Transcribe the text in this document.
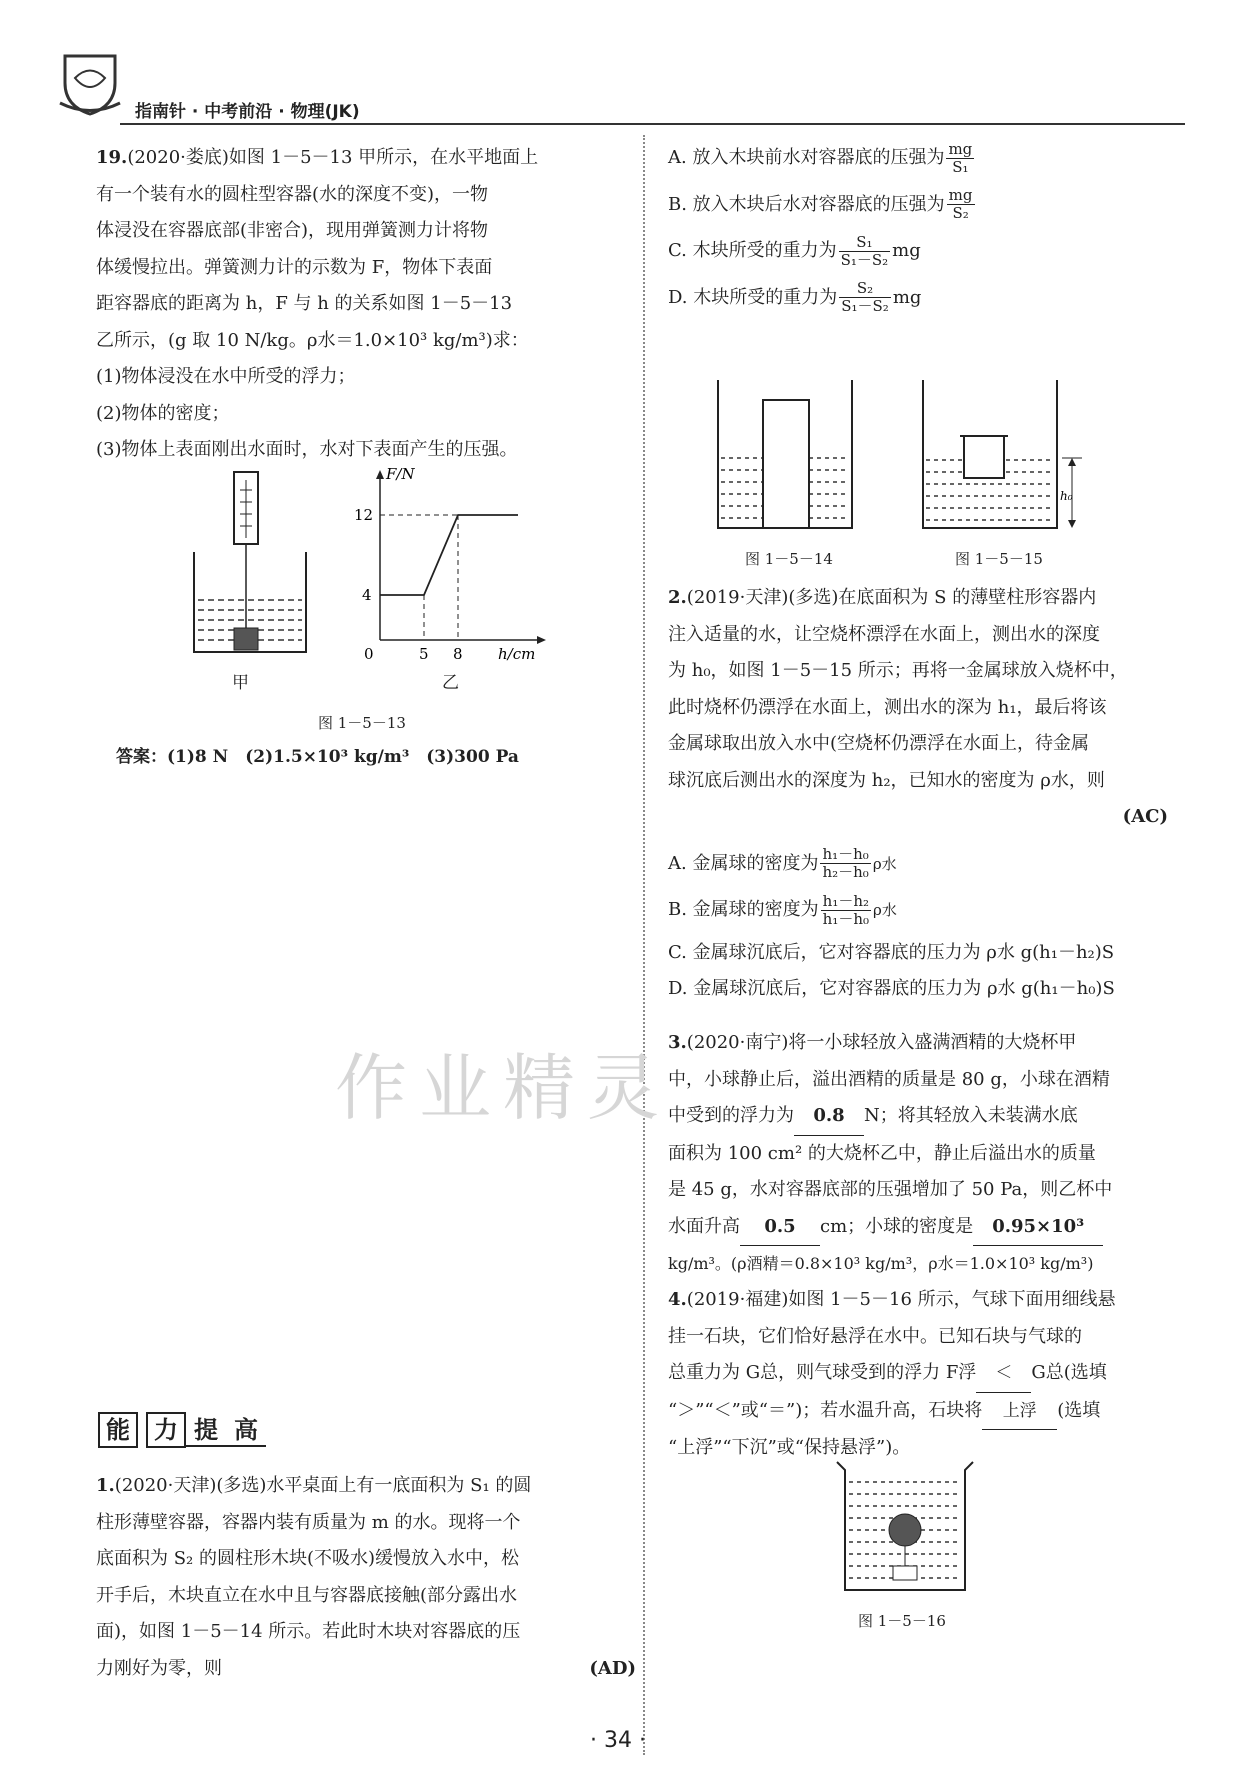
指南针 · 中考前沿 · 物理(JK)

19.(2020·娄底)如图 1－5－13 甲所示，在水平地面上

有一个装有水的圆柱型容器(水的深度不变)，一物

体浸没在容器底部(非密合)，现用弹簧测力计将物

体缓慢拉出。弹簧测力计的示数为 F，物体下表面

距容器底的距离为 h，F 与 h 的关系如图 1－5－13

乙所示，(g 取 10 N/kg。ρ水＝1.0×10³ kg/m³)求：

(1)物体浸没在水中所受的浮力；

(2)物体的密度；

(3)物体上表面刚出水面时，水对下表面产生的压强。

甲
F/N
12
4
0	5 8 h/cm
乙
图 1－5－13
答案：(1)8 N　(2)1.5×10³ kg/m³　(3)300 Pa
作业精灵
能 力 提 高

1.(2020·天津)(多选)水平桌面上有一底面积为 S₁ 的圆

柱形薄壁容器，容器内装有质量为 m 的水。现将一个

底面积为 S₂ 的圆柱形木块(不吸水)缓慢放入水中，松

开手后，木块直立在水中且与容器底接触(部分露出水

面)，如图 1－5－14 所示。若此时木块对容器底的压

力刚好为零，则	(AD)

A. 放入木块前水对容器底的压强为 $\frac{mg}{\text{S₁}}$

B. 放入木块后水对容器底的压强为 $\frac{mg}{\text{S₂}}$

C. 木块所受的重力为 $\frac{\text{S₁}}{\text{S₁－S₂}}$ mg

D. 木块所受的重力为 $\frac{\text{S₂}}{\text{S₁－S₂}}$ mg

图 1－5－14
h₀
图 1－5－15

2.(2019·天津)(多选)在底面积为 S 的薄壁柱形容器内

注入适量的水，让空烧杯漂浮在水面上，测出水的深度

为 h₀，如图 1－5－15 所示；再将一金属球放入烧杯中，

此时烧杯仍漂浮在水面上，测出水的深为 h₁，最后将该

金属球取出放入水中(空烧杯仍漂浮在水面上，待金属

球沉底后测出水的深度为 h₂，已知水的密度为 ρ水，则

(AC)

A. 金属球的密度为 $\frac{\text{h₁－h₀}}{\text{h₂－h₀}}$ ρ水

B. 金属球的密度为 $\frac{\text{h₁－h₂}}{\text{h₁－h₀}}$ ρ水

C. 金属球沉底后，它对容器底的压力为 ρ水 g(h₁－h₂)S

D. 金属球沉底后，它对容器底的压力为 ρ水 g(h₁－h₀)S

3.(2020·南宁)将一小球轻放入盛满酒精的大烧杯甲

中，小球静止后，溢出酒精的质量是 80 g，小球在酒精

中受到的浮力为 0.8 N；将其轻放入未装满水底

面积为 100 cm² 的大烧杯乙中，静止后溢出水的质量

是 45 g，水对容器底部的压强增加了 50 Pa，则乙杯中

水面升高 0.5 cm；小球的密度是 0.95×10³

kg/m³。(ρ酒精＝0.8×10³ kg/m³，ρ水＝1.0×10³ kg/m³)

4.(2019·福建)如图 1－5－16 所示，气球下面用细线悬

挂一石块，它们恰好悬浮在水中。已知石块与气球的

总重力为 G总，则气球受到的浮力 F浮 ＜ G总(选填

“＞”“＜”或“＝”)；若水温升高，石块将 上浮 (选填

“上浮”“下沉”或“保持悬浮”)。

图 1－5－16
· 34 ·
